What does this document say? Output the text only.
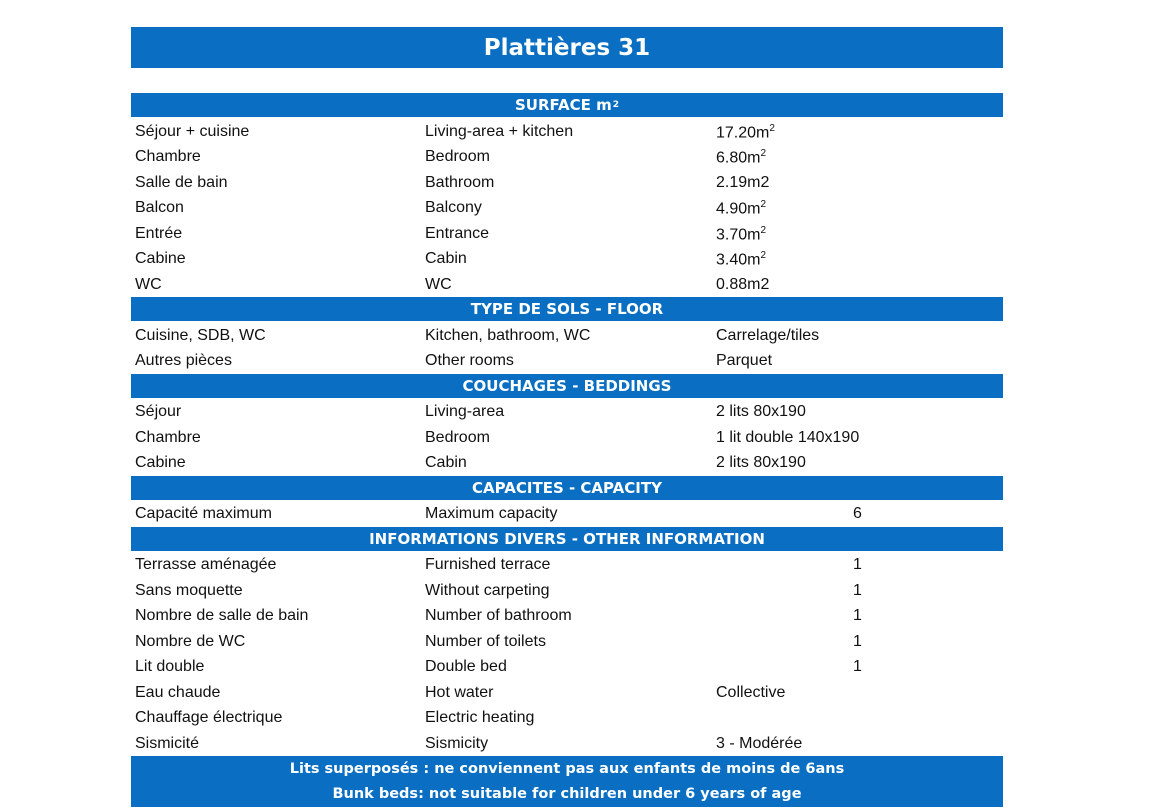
Plattières 31
SURFACE m 2
Séjour + cuisine	Living-area + kitchen	$17.20m^2$
Chambre	Bedroom	$6.80m^2$
Salle de bain	Bathroom	2.19m2
Balcon	Balcony	$4.90m^2$
Entrée	Entrance	$3.70m^2$
Cabine	Cabin	$3.40m^2$
WC	WC	0.88m2
TYPE DE SOLS - FLOOR
Cuisine, SDB, WC	Kitchen, bathroom, WC	Carrelage/tiles
Autres pièces	Other rooms	Parquet
COUCHAGES - BEDDINGS
Séjour	Living-area	2 lits 80x190
Chambre	Bedroom	1 lit double 140x190
Cabine	Cabin	2 lits 80x190
CAPACITES - CAPACITY
Capacité maximum	Maximum capacity	6
INFORMATIONS DIVERS - OTHER INFORMATION
Terrasse aménagée	Furnished terrace	1
Sans moquette	Without carpeting	1
Nombre de salle de bain	Number of bathroom	1
Nombre de WC	Number of toilets	1
Lit double	Double bed	1
Eau chaude	Hot water	Collective
Chauffage électrique	Electric heating
Sismicité	Sismicity	3 - Modérée
Lits superposés : ne conviennent pas aux enfants de moins de 6ans
Bunk beds: not suitable for children under 6 years of age
